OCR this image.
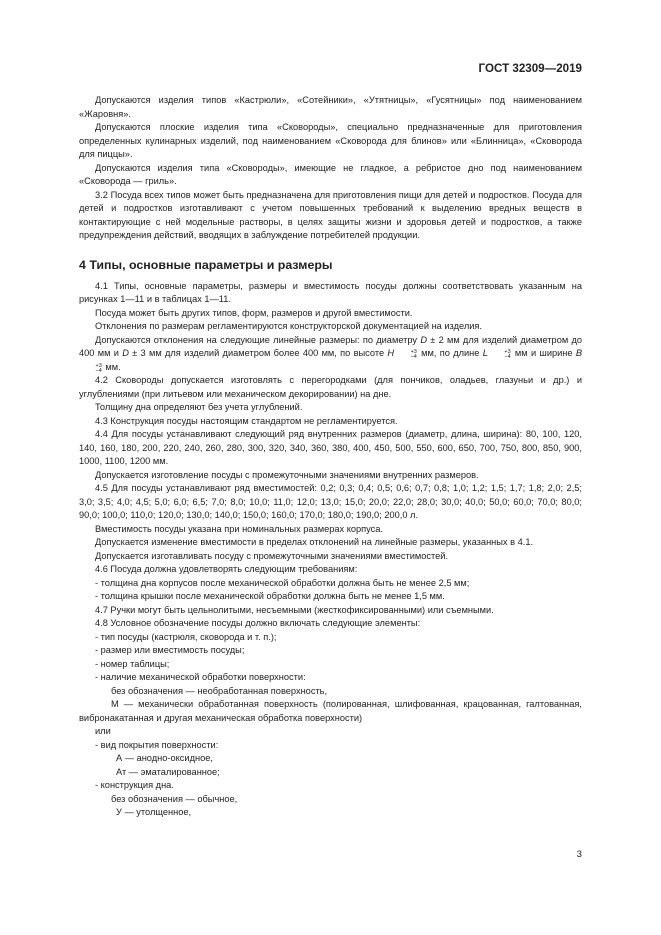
ГОСТ 32309—2019

Допускаются изделия типов «Кастрюли», «Сотейники», «Утятницы», «Гусятницы» под наименованием «Жаровня».

Допускаются плоские изделия типа «Сковороды», специально предназначенные для приготовления определенных кулинарных изделий, под наименованием «Сковорода для блинов» или «Блинница», «Сковорода для пиццы».

Допускаются изделия типа «Сковороды», имеющие не гладкое, а ребристое дно под наименованием «Сковорода — гриль».

3.2 Посуда всех типов может быть предназначена для приготовления пищи для детей и подростков. Посуда для детей и подростков изготавливают с учетом повышенных требований к выделению вредных веществ в контактирующие с ней модельные растворы, в целях защиты жизни и здоровья детей и подростков, а также предупреждения действий, вводящих в заблуждение потребителей продукции.

4 Типы, основные параметры и размеры

4.1 Типы, основные параметры, размеры и вместимость посуды должны соответствовать указанным на рисунках 1—11 и в таблицах 1—11.

Посуда может быть других типов, форм, размеров и другой вместимости.

Отклонения по размерам регламентируются конструкторской документацией на изделия.

Допускаются отклонения на следующие линейные размеры: по диаметру D ± 2 мм для изделий диаметром до 400 мм и D ± 3 мм для изделий диаметром более 400 мм, по высоте H	+3
−4 мм, по длине L	+3
−4 мм и ширине B
+3
−4 мм.

4.2 Сковороды допускается изготовлять с перегородками (для пончиков, оладьев, глазуньи и др.) и углублениями (при литьевом или механическом декорировании) на дне.

Толщину дна определяют без учета углублений.

4.3 Конструкция посуды настоящим стандартом не регламентируется.

4.4 Для посуды устанавливают следующий ряд внутренних размеров (диаметр, длина, ширина): 80, 100, 120, 140, 160, 180, 200, 220, 240, 260, 280, 300, 320, 340, 360, 380, 400, 450, 500, 550, 600, 650, 700, 750, 800, 850, 900, 1000, 1100, 1200 мм.

Допускается изготовление посуды с промежуточными значениями внутренних размеров.

4.5 Для посуды устанавливают ряд вместимостей: 0,2; 0,3; 0,4; 0,5; 0,6; 0,7; 0,8; 1,0; 1,2; 1,5; 1,7; 1,8; 2,0; 2,5; 3,0; 3,5; 4,0; 4,5; 5,0; 6,0; 6,5; 7,0; 8,0; 10,0; 11,0; 12,0; 13,0; 15,0; 20,0; 22,0; 28,0; 30,0; 40,0; 50,0; 60,0; 70,0; 80,0; 90,0; 100,0; 110,0; 120,0; 130,0; 140,0; 150,0; 160,0; 170,0; 180,0; 190,0; 200,0 л.

Вместимость посуды указана при номинальных размерах корпуса.

Допускается изменение вместимости в пределах отклонений на линейные размеры, указанных в 4.1.

Допускается изготавливать посуду с промежуточными значениями вместимостей.

4.6 Посуда должна удовлетворять следующим требованиям:

- толщина дна корпусов после механической обработки должна быть не менее 2,5 мм;

- толщина крышки после механической обработки должна быть не менее 1,5 мм.

4.7 Ручки могут быть цельнолитыми, несъемными (жесткофиксированными) или съемными.

4.8 Условное обозначение посуды должно включать следующие элементы:

- тип посуды (кастрюля, сковорода и т. п.);

- размер или вместимость посуды;

- номер таблицы;

- наличие механической обработки поверхности:

без обозначения — необработанная поверхность,

М — механически обработанная поверхность (полированная, шлифованная, крацованная, галтованная, вибронакатанная и другая механическая обработка поверхности)

или

- вид покрытия поверхности:

А — анодно-оксидное,

Ат — эматалированное;

- конструкция дна.

без обозначения — обычное,

У — утолщенное,

3
